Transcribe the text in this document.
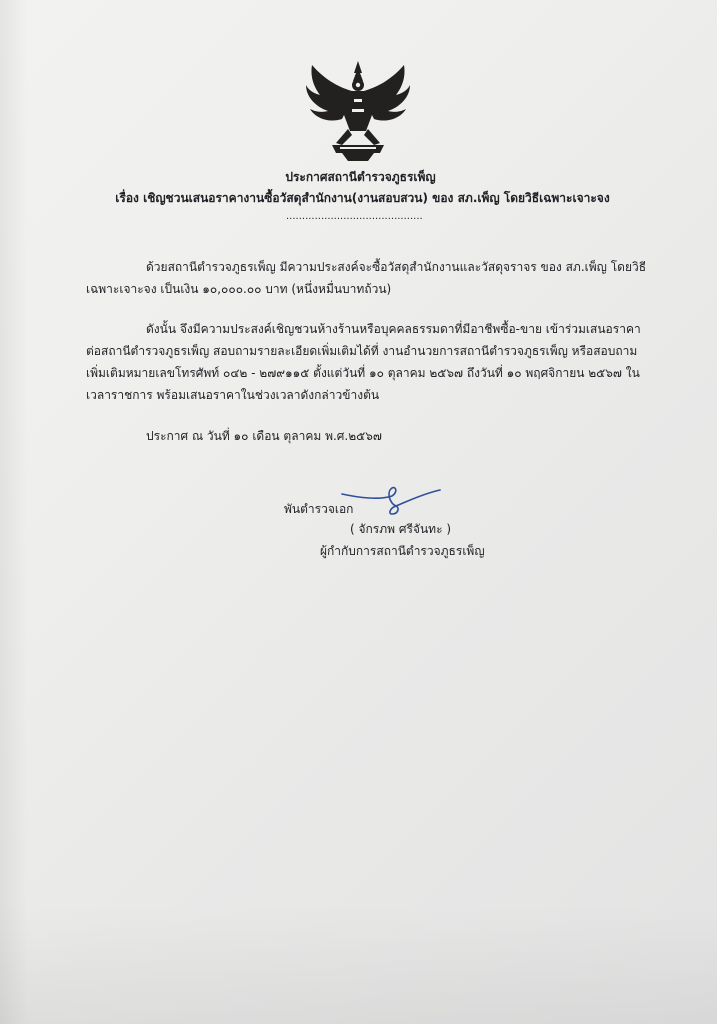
ประกาศสถานีตำรวจภูธรเพ็ญ
เรื่อง เชิญชวนเสนอราคางานซื้อวัสดุสำนักงาน(งานสอบสวน) ของ สภ.เพ็ญ โดยวิธีเฉพาะเจาะจง
...........................................
ด้วยสถานีตำรวจภูธรเพ็ญ มีความประสงค์จะซื้อวัสดุสำนักงานและวัสดุจราจร ของ สภ.เพ็ญ โดยวิธี
เฉพาะเจาะจง เป็นเงิน ๑๐,๐๐๐.๐๐ บาท (หนึ่งหมื่นบาทถ้วน)
ดังนั้น จึงมีความประสงค์เชิญชวนห้างร้านหรือบุคคลธรรมดาที่มีอาชีพซื้อ-ขาย เข้าร่วมเสนอราคา
ต่อสถานีตำรวจภูธรเพ็ญ สอบถามรายละเอียดเพิ่มเติมได้ที่ งานอำนวยการสถานีตำรวจภูธรเพ็ญ หรือสอบถาม
เพิ่มเติมหมายเลขโทรศัพท์ ๐๔๒ - ๒๗๙๑๑๕ ตั้งแต่วันที่ ๑๐ ตุลาคม ๒๕๖๗ ถึงวันที่ ๑๐ พฤศจิกายน ๒๕๖๗ ใน
เวลาราชการ พร้อมเสนอราคาในช่วงเวลาดังกล่าวข้างต้น
ประกาศ ณ วันที่ ๑๐ เดือน ตุลาคม พ.ศ.๒๕๖๗
พันตำรวจเอก
( จักรภพ ศรีจันทะ )
ผู้กำกับการสถานีตำรวจภูธรเพ็ญ
